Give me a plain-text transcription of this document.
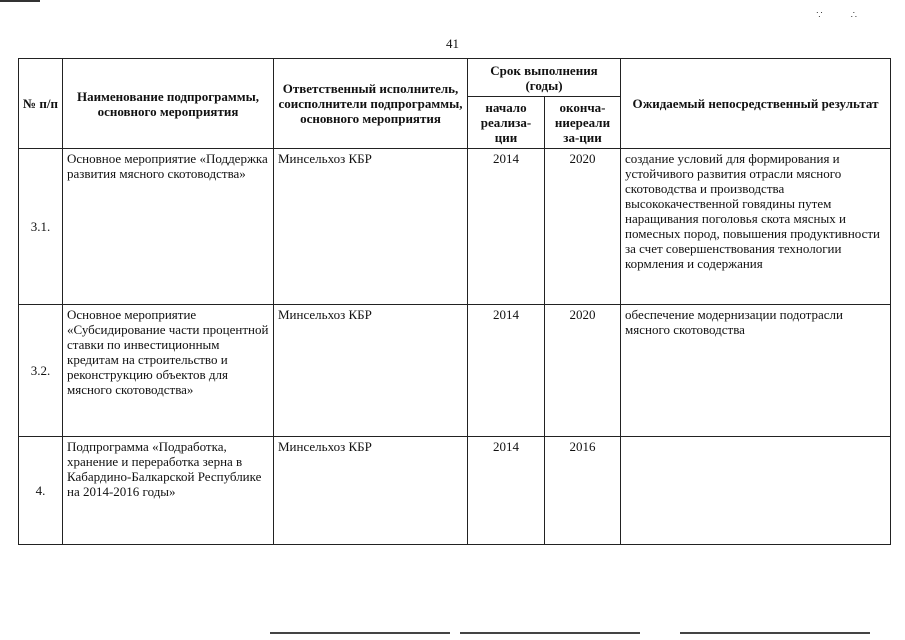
∵∴
41
№ п/п	Наименование подпрограммы, основного мероприятия	Ответственный исполнитель, соисполнители подпрограммы, основного мероприятия	Срок выполнения (годы)		Ожидаемый непосредственный результат
			начало реализа-ции	оконча-ниереали за-ции	
3.1.	Основное мероприятие «Поддержка развития мясного скотоводства»	Минсельхоз КБР	2014	2020	создание условий для формирования и устойчивого развития отрасли мясного скотоводства и производства высококачественной говядины путем наращивания поголовья скота мясных и помесных пород, повышения продуктивности за счет совершенствования технологии кормления и содержания
3.2.	Основное мероприятие «Субсидирование части процентной ставки по инвестиционным кредитам на строительство и реконструкцию объектов для мясного скотоводства»	Минсельхоз КБР	2014	2020	обеспечение модернизации подотрасли мясного скотоводства
4.	Подпрограмма «Подработка, хранение и переработка зерна в Кабардино-Балкарской Республике на 2014-2016 годы»	Минсельхоз КБР	2014	2016	
